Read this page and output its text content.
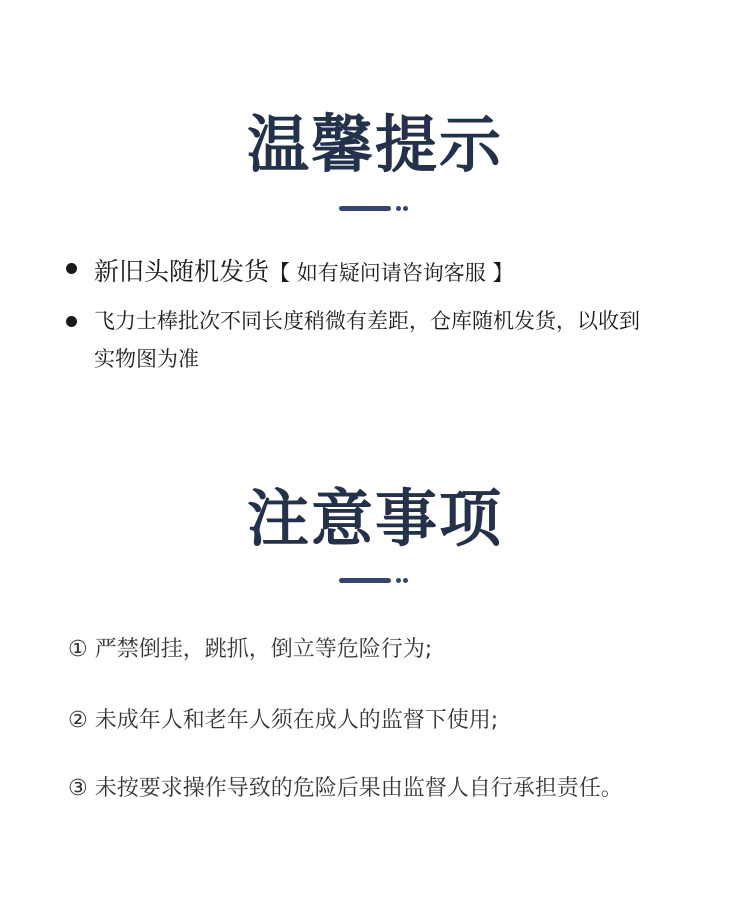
温馨提示
新旧头随机发货【 如有疑问请咨询客服 】
飞力士棒批次不同长度稍微有差距，仓库随机发货，以收到实物图为准
注意事项
① 严禁倒挂，跳抓，倒立等危险行为;
② 未成年人和老年人须在成人的监督下使用;
③ 未按要求操作导致的危险后果由监督人自行承担责任。
